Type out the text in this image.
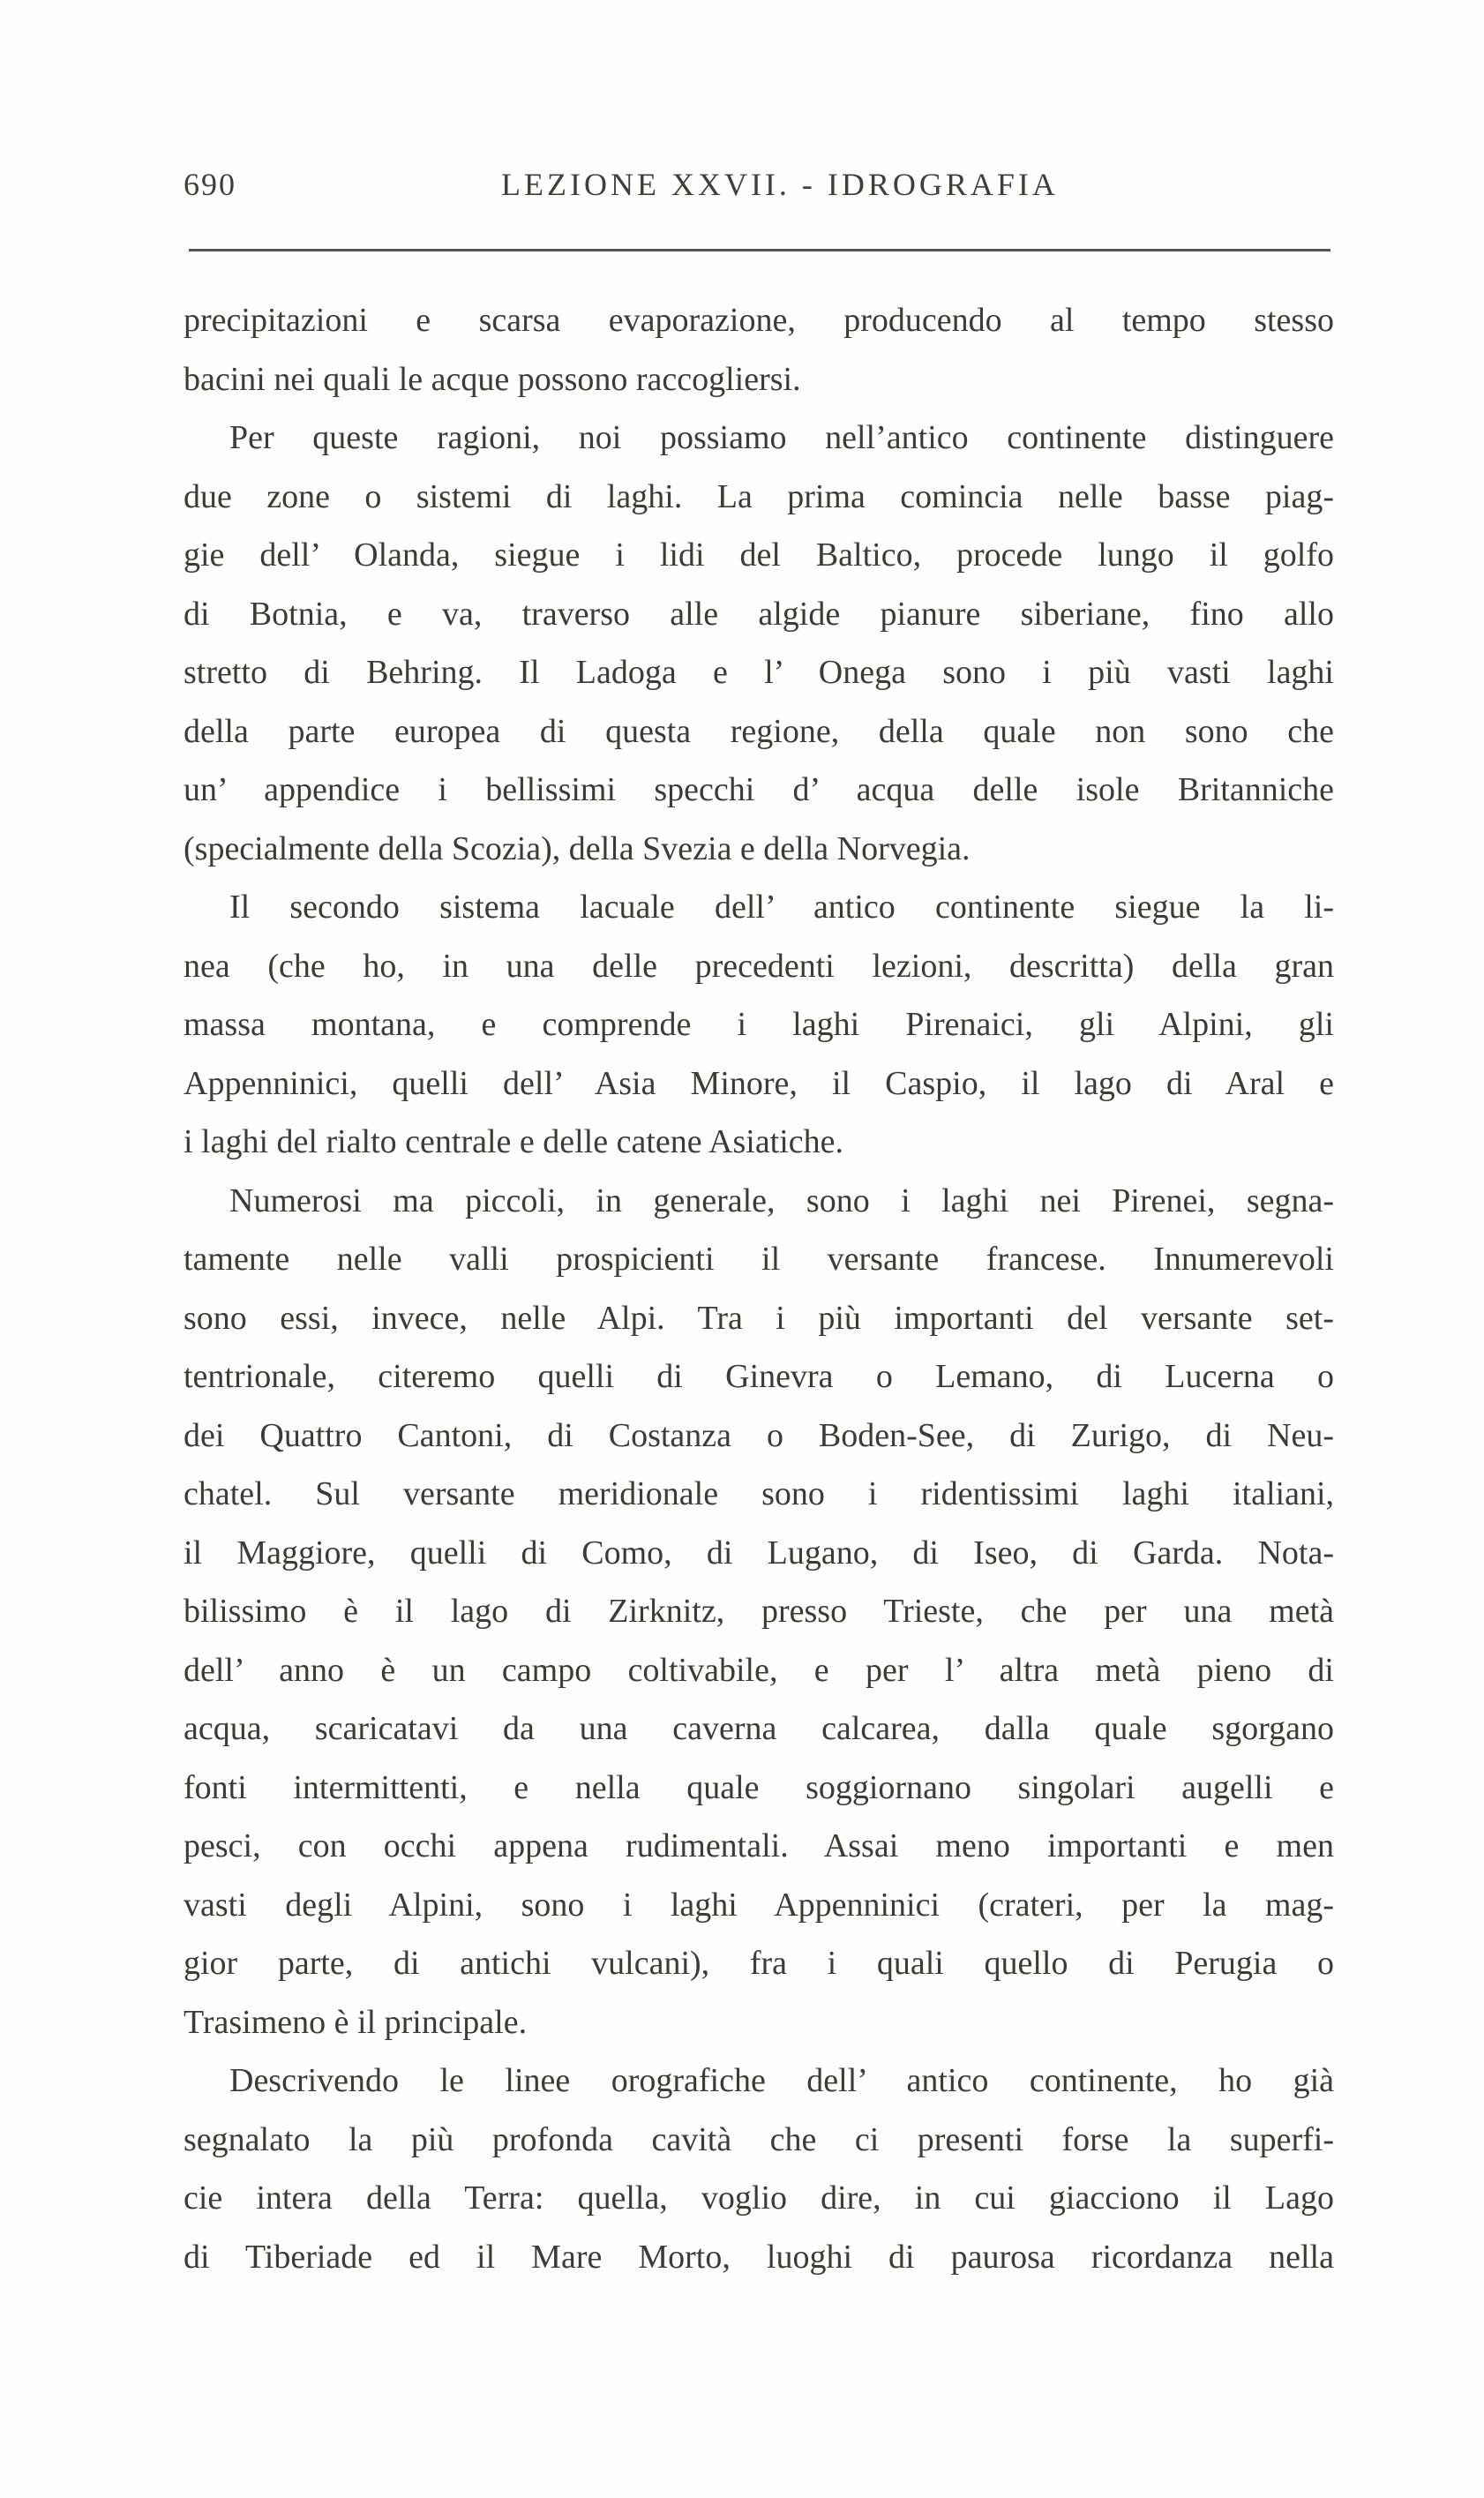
690	LEZIONE XXVII. - IDROGRAFIA
precipitazioni e scarsa evaporazione, producendo al tempo stesso
bacini nei quali le acque possono raccogliersi.
Per queste ragioni, noi possiamo nell’antico continente distinguere
due zone o sistemi di laghi. La prima comincia nelle basse piag-
gie dell’ Olanda, siegue i lidi del Baltico, procede lungo il golfo
di Botnia, e va, traverso alle algide pianure siberiane, fino allo
stretto di Behring. Il Ladoga e l’ Onega sono i più vasti laghi
della parte europea di questa regione, della quale non sono che
un’ appendice i bellissimi specchi d’ acqua delle isole Britanniche
(specialmente della Scozia), della Svezia e della Norvegia.
Il secondo sistema lacuale dell’ antico continente siegue la li-
nea (che ho, in una delle precedenti lezioni, descritta) della gran
massa montana, e comprende i laghi Pirenaici, gli Alpini, gli
Appenninici, quelli dell’ Asia Minore, il Caspio, il lago di Aral e
i laghi del rialto centrale e delle catene Asiatiche.
Numerosi ma piccoli, in generale, sono i laghi nei Pirenei, segna-
tamente nelle valli prospicienti il versante francese. Innumerevoli
sono essi, invece, nelle Alpi. Tra i più importanti del versante set-
tentrionale, citeremo quelli di Ginevra o Lemano, di Lucerna o
dei Quattro Cantoni, di Costanza o Boden-See, di Zurigo, di Neu-
chatel. Sul versante meridionale sono i ridentissimi laghi italiani,
il Maggiore, quelli di Como, di Lugano, di Iseo, di Garda. Nota-
bilissimo è il lago di Zirknitz, presso Trieste, che per una metà
dell’ anno è un campo coltivabile, e per l’ altra metà pieno di
acqua, scaricatavi da una caverna calcarea, dalla quale sgorgano
fonti intermittenti, e nella quale soggiornano singolari augelli e
pesci, con occhi appena rudimentali. Assai meno importanti e men
vasti degli Alpini, sono i laghi Appenninici (crateri, per la mag-
gior parte, di antichi vulcani), fra i quali quello di Perugia o
Trasimeno è il principale.
Descrivendo le linee orografiche dell’ antico continente, ho già
segnalato la più profonda cavità che ci presenti forse la superfi-
cie intera della Terra: quella, voglio dire, in cui giacciono il Lago
di Tiberiade ed il Mare Morto, luoghi di paurosa ricordanza nella
